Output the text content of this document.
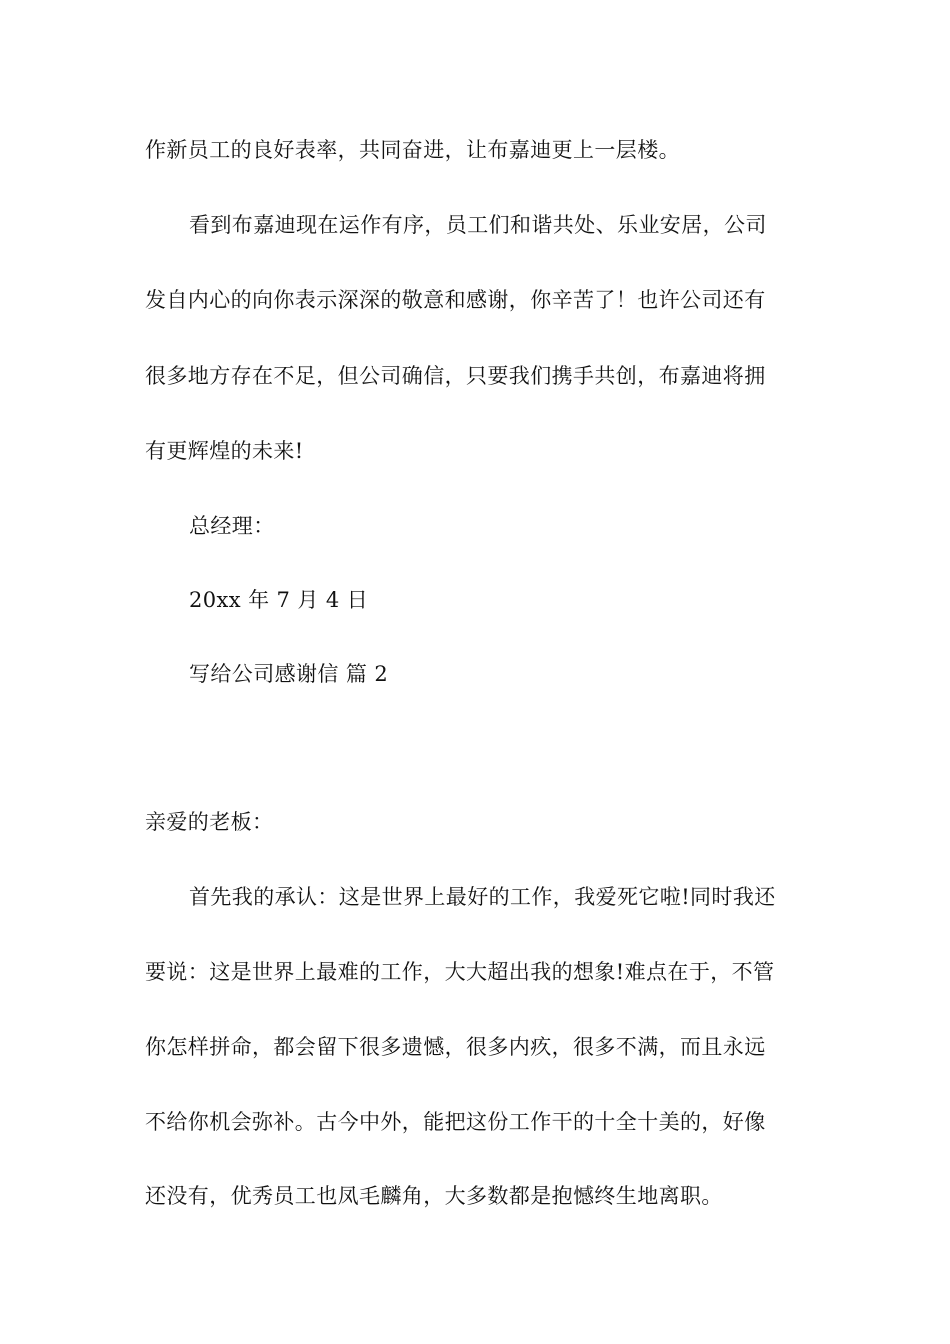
作新员工的良好表率，共同奋进，让布嘉迪更上一层楼。
看到布嘉迪现在运作有序，员工们和谐共处、乐业安居，公司
发自内心的向你表示深深的敬意和感谢，你辛苦了！也许公司还有
很多地方存在不足，但公司确信，只要我们携手共创，布嘉迪将拥
有更辉煌的未来!
总经理：
20xx 年 7 月 4 日
写给公司感谢信 篇 2
亲爱的老板：
首先我的承认：这是世界上最好的工作，我爱死它啦!同时我还
要说：这是世界上最难的工作，大大超出我的想象!难点在于，不管
你怎样拼命，都会留下很多遗憾，很多内疚，很多不满，而且永远
不给你机会弥补。古今中外，能把这份工作干的十全十美的，好像
还没有，优秀员工也凤毛麟角，大多数都是抱憾终生地离职。
